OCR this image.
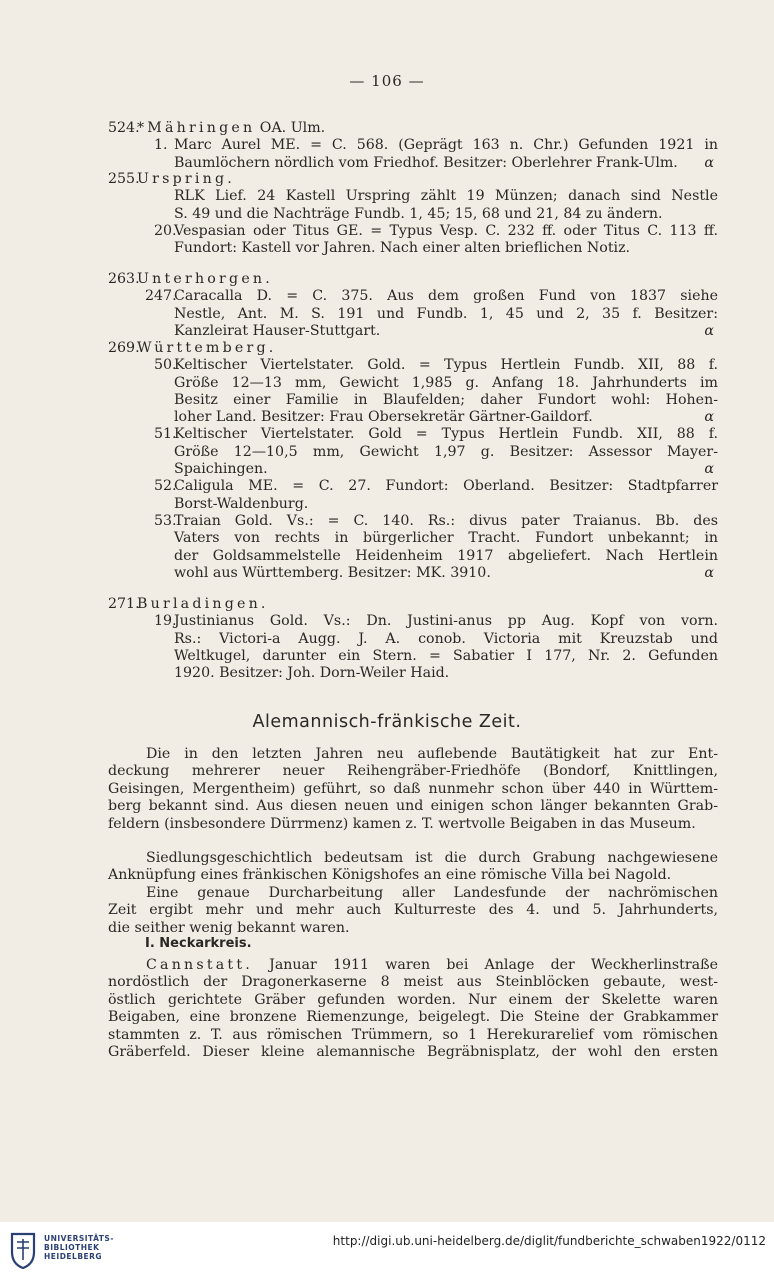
— 106 —
524.
*Mähringen OA. Ulm.
1. Marc Aurel ME. = C. 568. (Geprägt 163 n. Chr.) Gefunden 1921 in
Baumlöchern nördlich vom Friedhof. Besitzer: Oberlehrer Frank-Ulm.	α
255.
Urspring.
RLK Lief. 24 Kastell Urspring zählt 19 Münzen; danach sind Nestle
S. 49 und die Nachträge Fundb. 1, 45; 15, 68 und 21, 84 zu ändern.
20.
Vespasian oder Titus GE. = Typus Vesp. C. 232 ff. oder Titus C. 113 ff.
Fundort: Kastell vor Jahren. Nach einer alten brieflichen Notiz.
263.
Unterhorgen.
247.
Caracalla D. = C. 375. Aus dem großen Fund von 1837 siehe
Nestle, Ant. M. S. 191 und Fundb. 1, 45 und 2, 35 f. Besitzer:
Kanzleirat Hauser-Stuttgart.	α
269.
Württemberg.
50.
Keltischer Viertelstater. Gold. = Typus Hertlein Fundb. XII, 88 f.
Größe 12—13 mm, Gewicht 1,985 g. Anfang 18. Jahrhunderts im
Besitz einer Familie in Blaufelden; daher Fundort wohl: Hohen-
loher Land. Besitzer: Frau Obersekretär Gärtner-Gaildorf.	α
51.
Keltischer Viertelstater. Gold = Typus Hertlein Fundb. XII, 88 f.
Größe 12—10,5 mm, Gewicht 1,97 g. Besitzer: Assessor Mayer-
Spaichingen.	α
52.
Caligula ME. = C. 27. Fundort: Oberland. Besitzer: Stadtpfarrer
Borst-Waldenburg.
53.
Traian Gold. Vs.: = C. 140. Rs.: divus pater Traianus. Bb. des
Vaters von rechts in bürgerlicher Tracht. Fundort unbekannt; in
der Goldsammelstelle Heidenheim 1917 abgeliefert. Nach Hertlein
wohl aus Württemberg. Besitzer: MK. 3910.	α
271.
Burladingen.
19.
Justinianus Gold. Vs.: Dn. Justini-anus pp Aug. Kopf von vorn.
Rs.: Victori-a Augg. J. A. conob. Victoria mit Kreuzstab und
Weltkugel, darunter ein Stern. = Sabatier I 177, Nr. 2. Gefunden
1920. Besitzer: Joh. Dorn-Weiler Haid.
Alemannisch-fränkische Zeit.
Die in den letzten Jahren neu auflebende Bautätigkeit hat zur Ent-
deckung mehrerer neuer Reihengräber-Friedhöfe (Bondorf, Knittlingen,
Geisingen, Mergentheim) geführt, so daß nunmehr schon über 440 in Württem-
berg bekannt sind. Aus diesen neuen und einigen schon länger bekannten Grab-
feldern (insbesondere Dürrmenz) kamen z. T. wertvolle Beigaben in das Museum.
Siedlungsgeschichtlich bedeutsam ist die durch Grabung nachgewiesene
Anknüpfung eines fränkischen Königshofes an eine römische Villa bei Nagold.
Eine genaue Durcharbeitung aller Landesfunde der nachrömischen
Zeit ergibt mehr und mehr auch Kulturreste des 4. und 5. Jahrhunderts,
die seither wenig bekannt waren.
I. Neckarkreis.
Cannstatt. Januar 1911 waren bei Anlage der Weckherlinstraße
nordöstlich der Dragonerkaserne 8 meist aus Steinblöcken gebaute, west-
östlich gerichtete Gräber gefunden worden. Nur einem der Skelette waren
Beigaben, eine bronzene Riemenzunge, beigelegt. Die Steine der Grabkammer
stammten z. T. aus römischen Trümmern, so 1 Herekurarelief vom römischen
Gräberfeld. Dieser kleine alemannische Begräbnisplatz, der wohl den ersten
UNIVERSITÄTS-
BIBLIOTHEK
HEIDELBERG
http://digi.ub.uni-heidelberg.de/diglit/fundberichte_schwaben1922/0112
